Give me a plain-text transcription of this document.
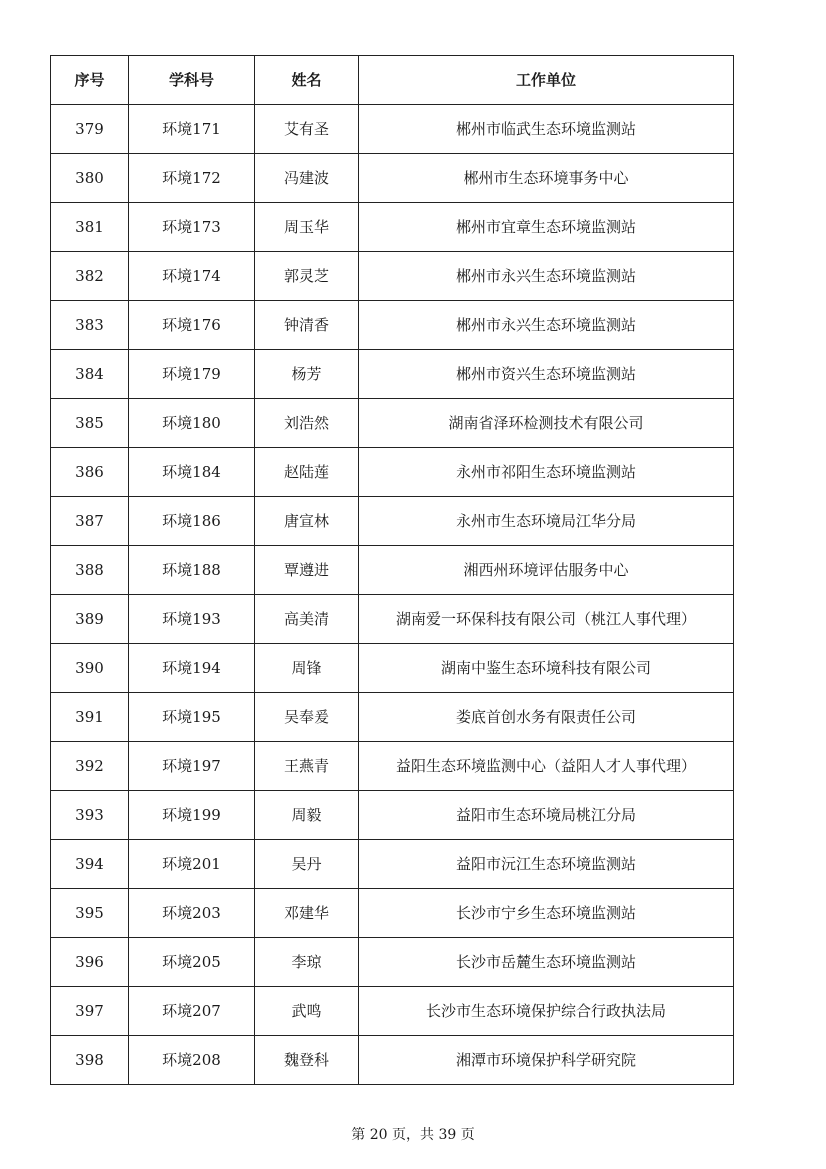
序号	学科号	姓名	工作单位
379	环境171	艾有圣	郴州市临武生态环境监测站
380	环境172	冯建波	郴州市生态环境事务中心
381	环境173	周玉华	郴州市宜章生态环境监测站
382	环境174	郭灵芝	郴州市永兴生态环境监测站
383	环境176	钟清香	郴州市永兴生态环境监测站
384	环境179	杨芳	郴州市资兴生态环境监测站
385	环境180	刘浩然	湖南省泽环检测技术有限公司
386	环境184	赵陆莲	永州市祁阳生态环境监测站
387	环境186	唐宣林	永州市生态环境局江华分局
388	环境188	覃遵进	湘西州环境评估服务中心
389	环境193	高美清	湖南爱一环保科技有限公司（桃江人事代理）
390	环境194	周锋	湖南中鉴生态环境科技有限公司
391	环境195	吴奉爰	娄底首创水务有限责任公司
392	环境197	王燕青	益阳生态环境监测中心（益阳人才人事代理）
393	环境199	周毅	益阳市生态环境局桃江分局
394	环境201	吴丹	益阳市沅江生态环境监测站
395	环境203	邓建华	长沙市宁乡生态环境监测站
396	环境205	李琼	长沙市岳麓生态环境监测站
397	环境207	武鸣	长沙市生态环境保护综合行政执法局
398	环境208	魏登科	湘潭市环境保护科学研究院
第 20 页，共 39 页
